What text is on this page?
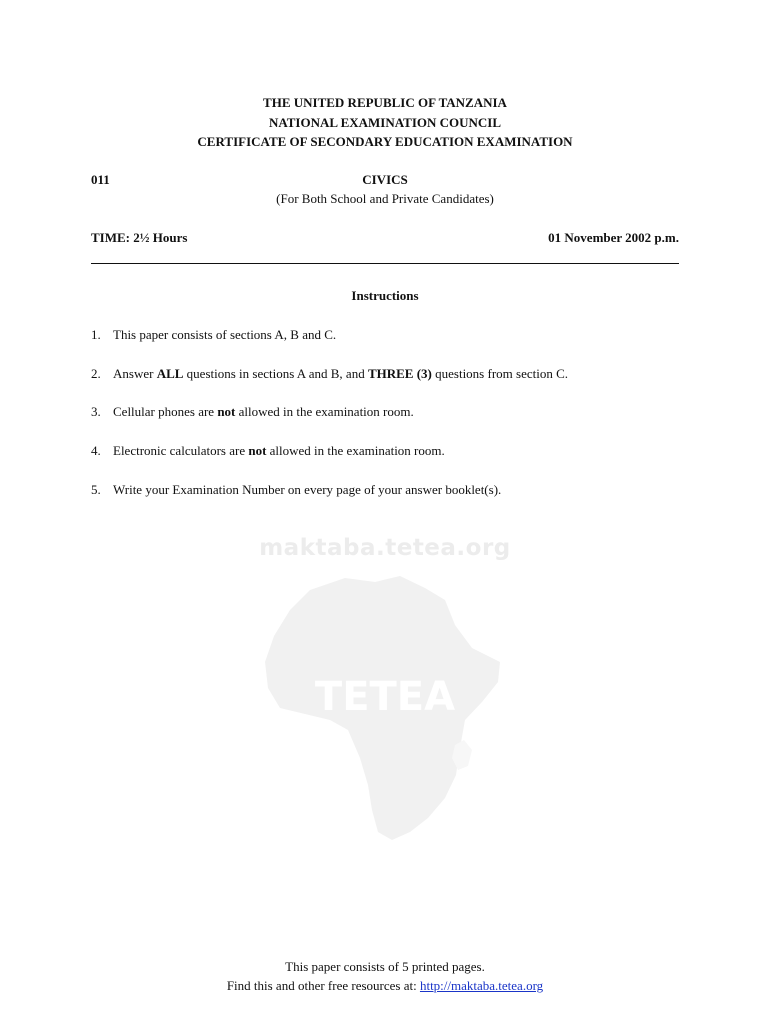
THE UNITED REPUBLIC OF TANZANIA
NATIONAL EXAMINATION COUNCIL
CERTIFICATE OF SECONDARY EDUCATION EXAMINATION
CIVICS
011
(For Both School and Private Candidates)
TIME: 2½ Hours	01 November 2002 p.m.
Instructions
1. This paper consists of sections A, B and C.
2. Answer ALL questions in sections A and B, and THREE (3) questions from section C.
3. Cellular phones are not allowed in the examination room.
4. Electronic calculators are not allowed in the examination room.
5. Write your Examination Number on every page of your answer booklet(s).
maktaba.tetea.org
TETEA
This paper consists of 5 printed pages.
Find this and other free resources at: http://maktaba.tetea.org
